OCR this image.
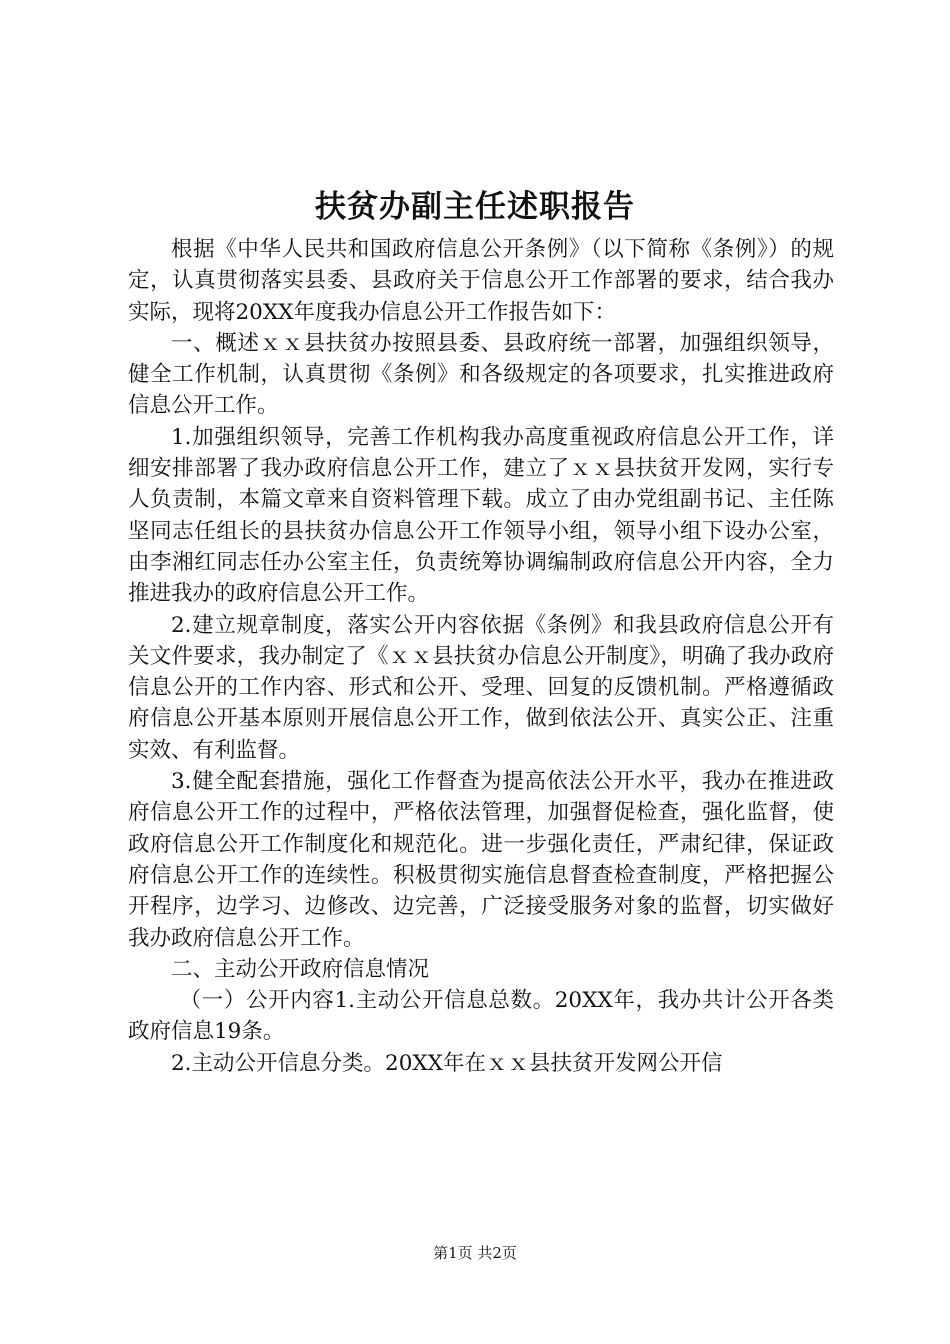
扶贫办副主任述职报告

根据《中华人民共和国政府信息公开条例》（以下简称《条例》）的规定，认真贯彻落实县委、县政府关于信息公开工作部署的要求，结合我办实际，现将20XX年度我办信息公开工作报告如下：

一、概述ｘｘ县扶贫办按照县委、县政府统一部署，加强组织领导，健全工作机制，认真贯彻《条例》和各级规定的各项要求，扎实推进政府信息公开工作。

1.加强组织领导，完善工作机构我办高度重视政府信息公开工作，详细安排部署了我办政府信息公开工作，建立了ｘｘ县扶贫开发网，实行专人负责制，本篇文章来自资料管理下载。成立了由办党组副书记、主任陈坚同志任组长的县扶贫办信息公开工作领导小组，领导小组下设办公室，由李湘红同志任办公室主任，负责统筹协调编制政府信息公开内容，全力推进我办的政府信息公开工作。

2.建立规章制度，落实公开内容依据《条例》和我县政府信息公开有关文件要求，我办制定了《ｘｘ县扶贫办信息公开制度》，明确了我办政府信息公开的工作内容、形式和公开、受理、回复的反馈机制。严格遵循政府信息公开基本原则开展信息公开工作，做到依法公开、真实公正、注重实效、有利监督。

3.健全配套措施，强化工作督查为提高依法公开水平，我办在推进政府信息公开工作的过程中，严格依法管理，加强督促检查，强化监督，使政府信息公开工作制度化和规范化。进一步强化责任，严肃纪律，保证政府信息公开工作的连续性。积极贯彻实施信息督查检查制度，严格把握公开程序，边学习、边修改、边完善，广泛接受服务对象的监督，切实做好我办政府信息公开工作。

二、主动公开政府信息情况

（一）公开内容1.主动公开信息总数。20XX年，我办共计公开各类政府信息19条。

2.主动公开信息分类。20XX年在ｘｘ县扶贫开发网公开信

第1页 共2页
